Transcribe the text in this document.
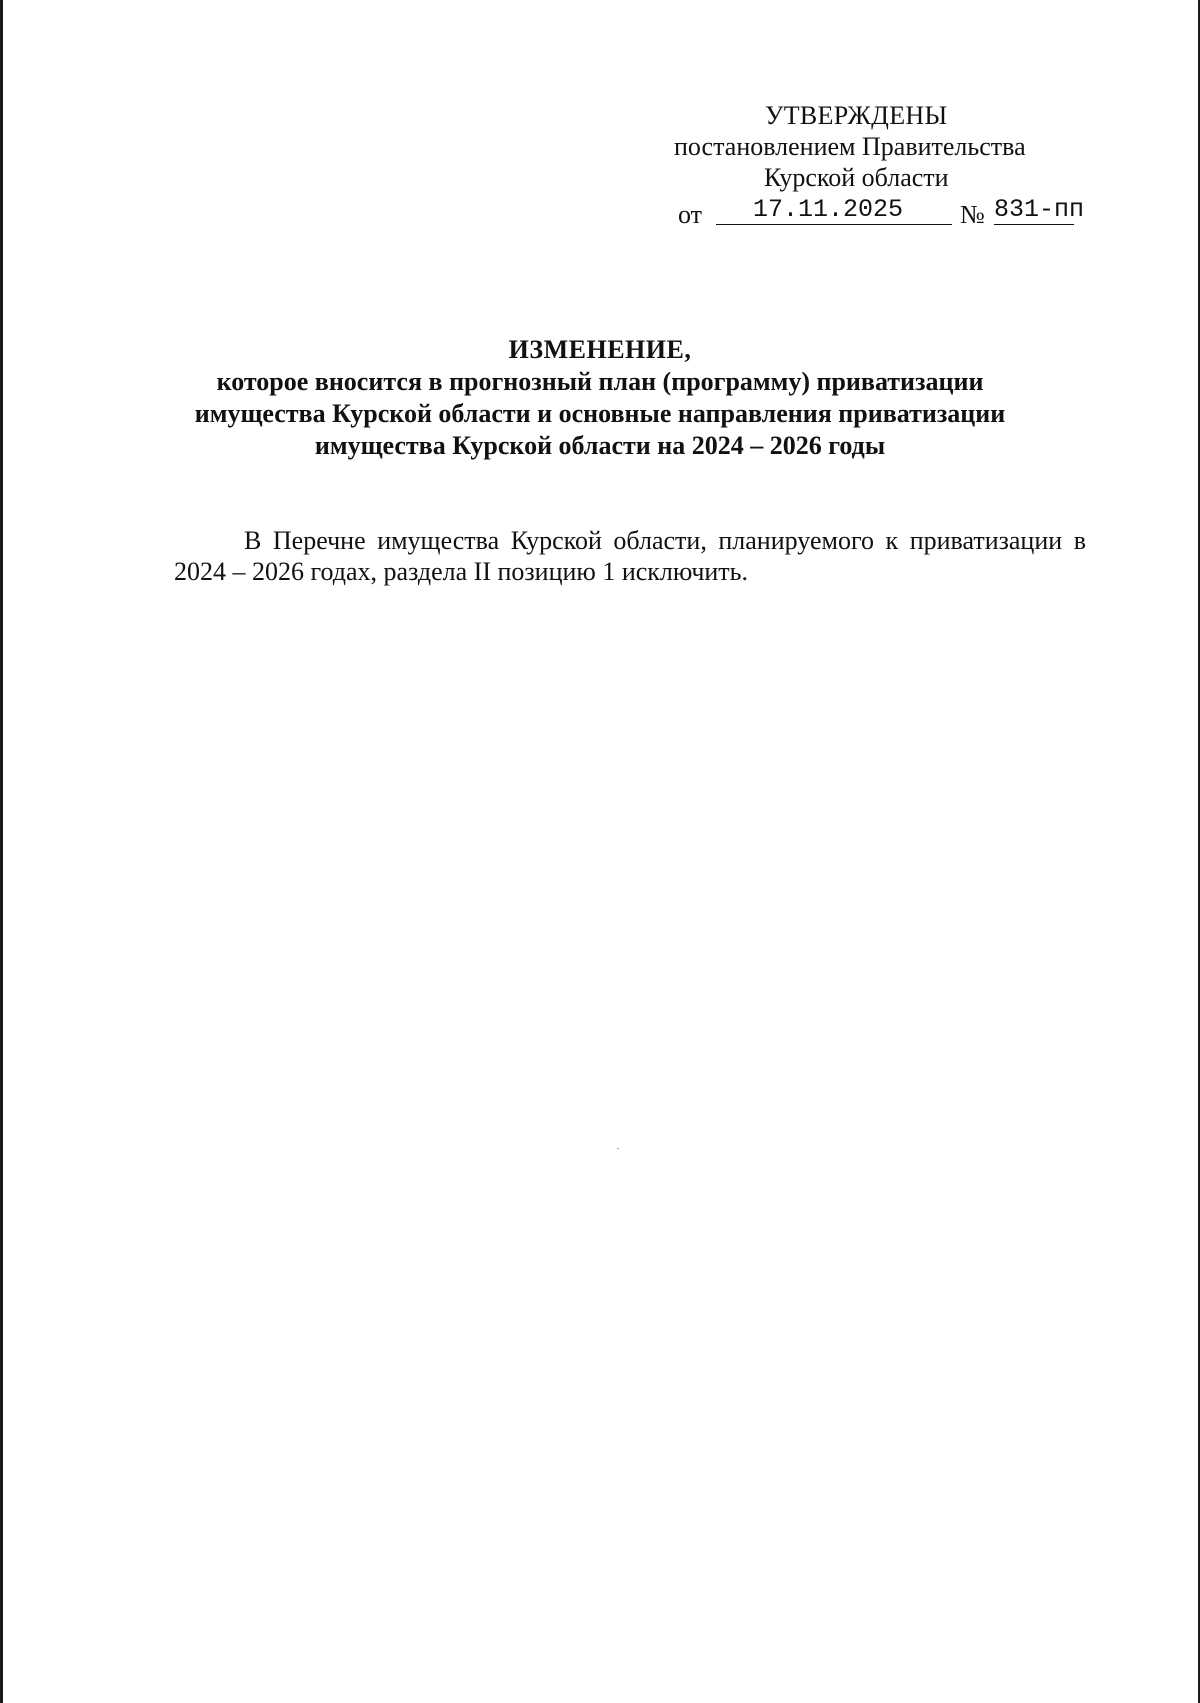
УТВЕРЖДЕНЫ
постановлением Правительства
Курской области
от	17.11.2025	№ 831-пп
ИЗМЕНЕНИЕ,
которое вносится в прогнозный план (программу) приватизации
имущества Курской области и основные направления приватизации
имущества Курской области на 2024 – 2026 годы
В Перечне имущества Курской области, планируемого к приватизации в 2024 – 2026 годах, раздела II позицию 1 исключить.
